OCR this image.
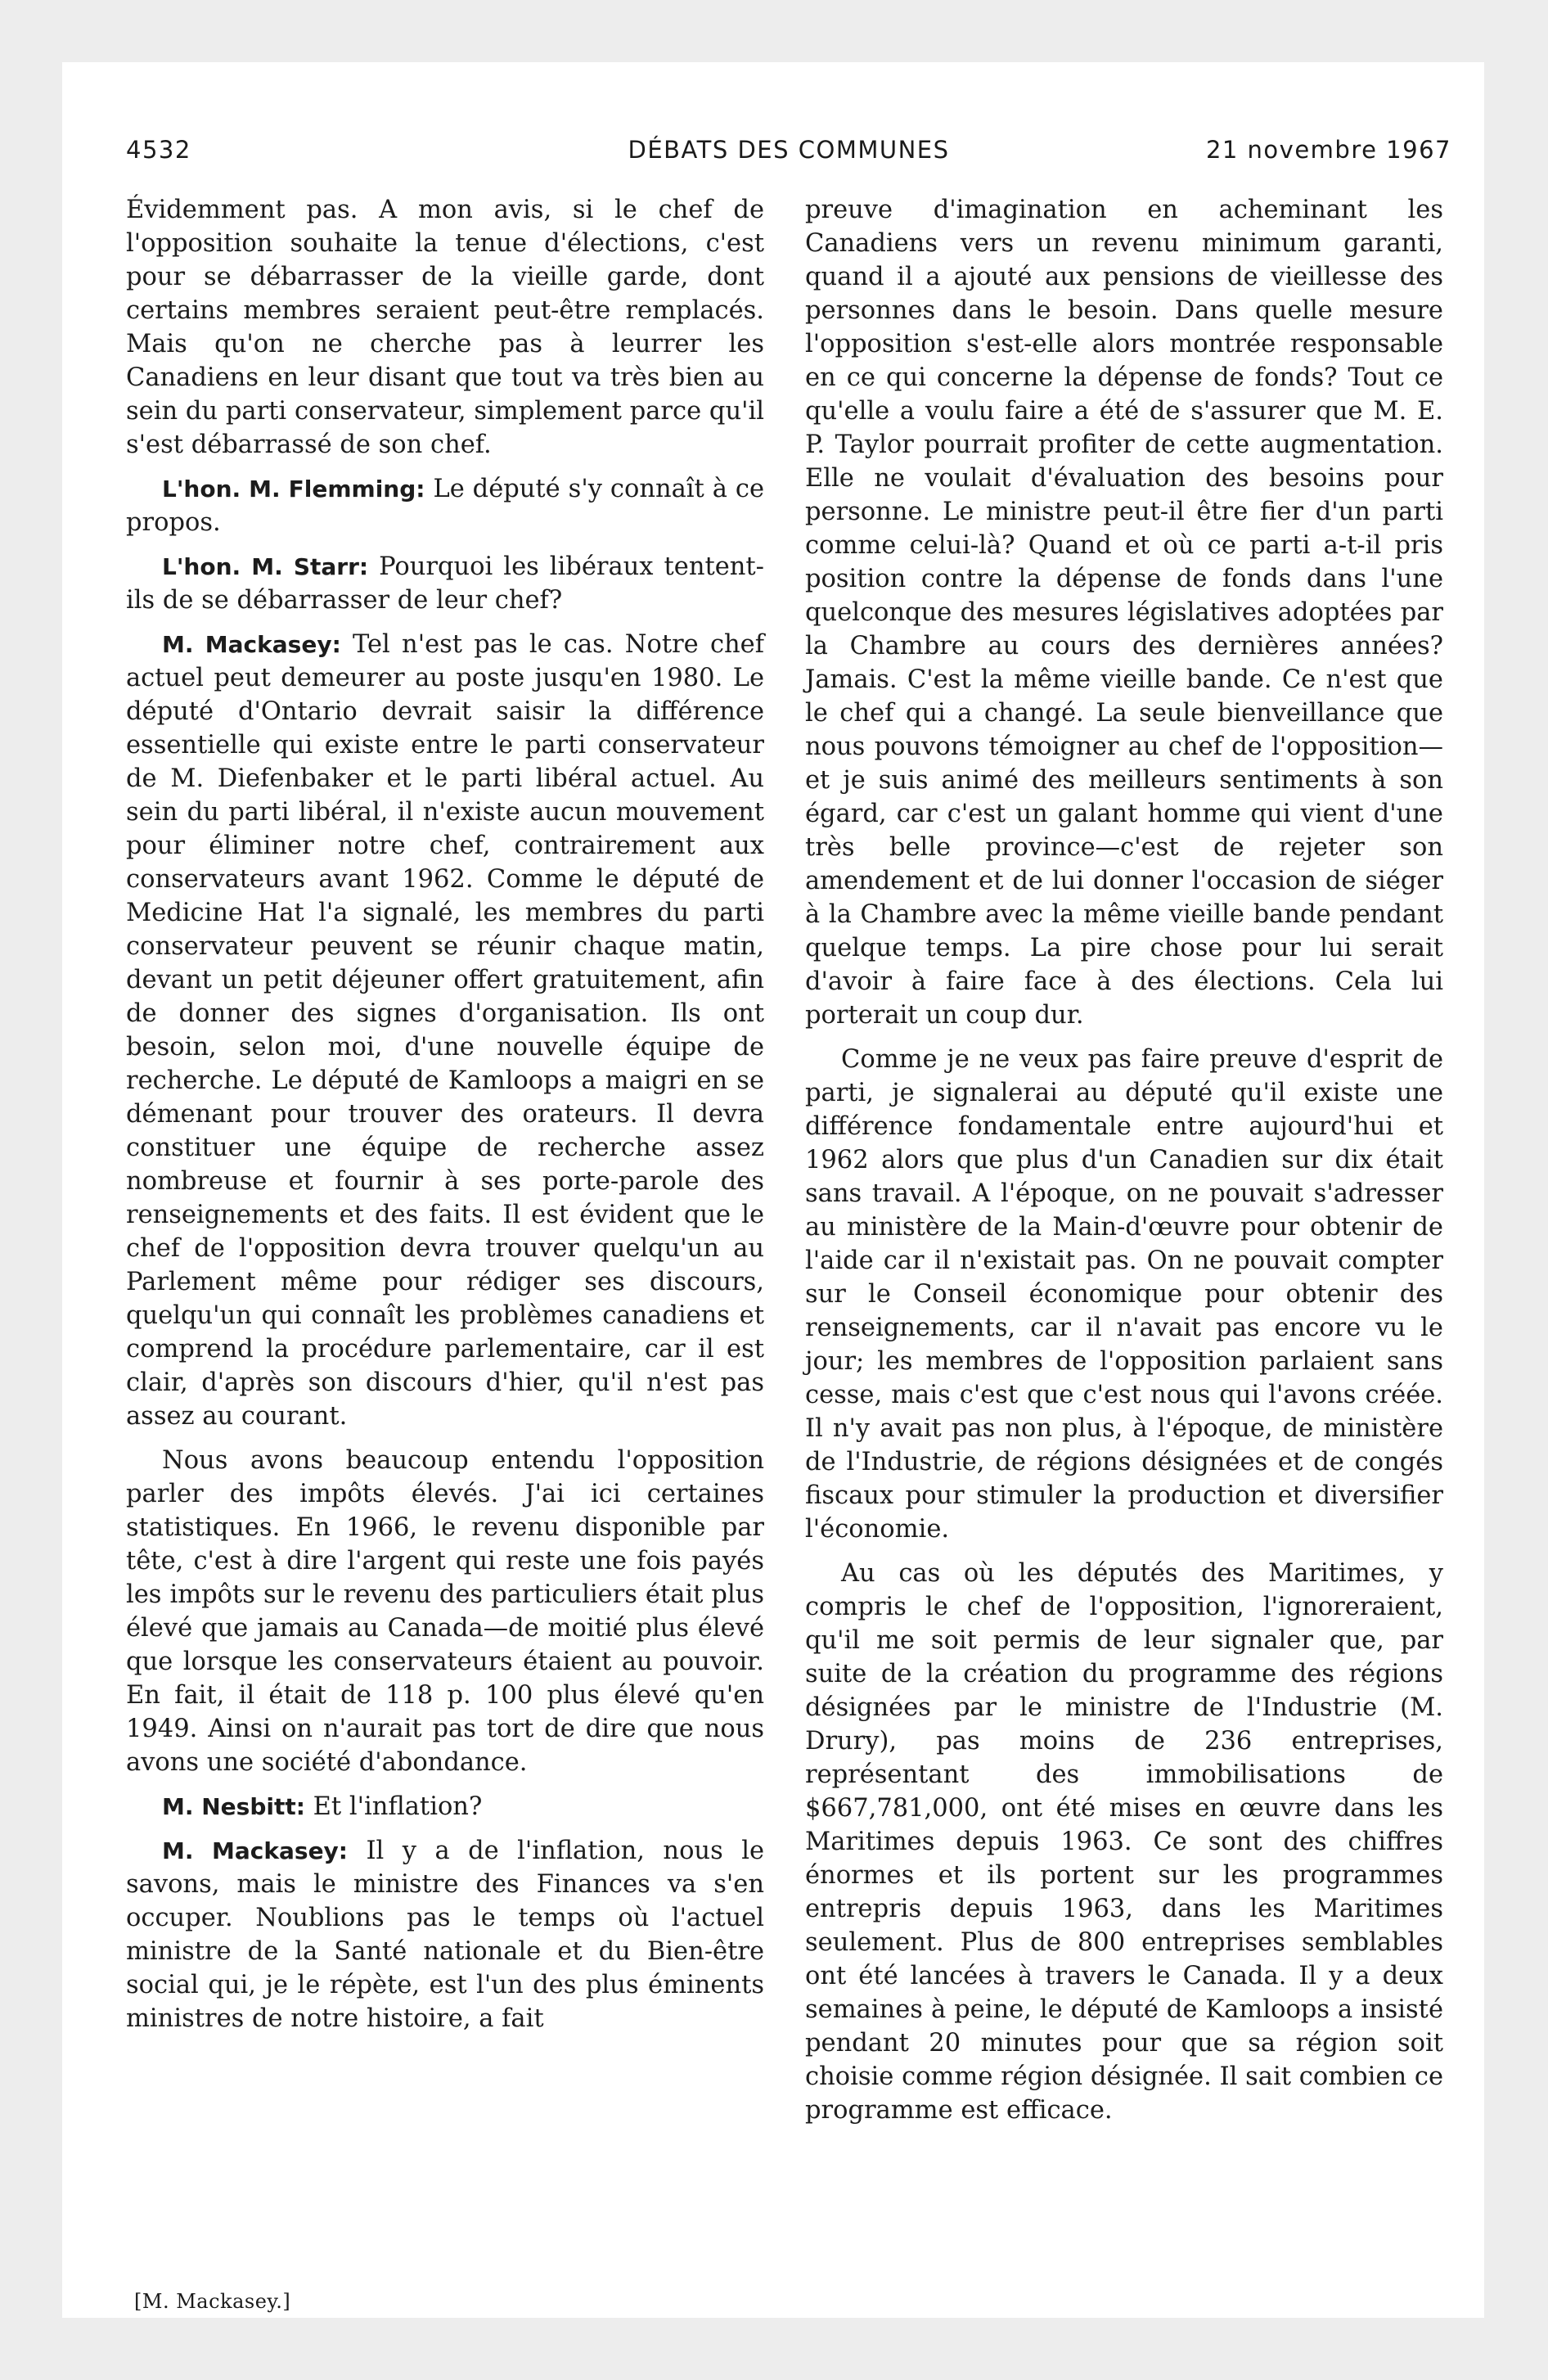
4532	DÉBATS DES COMMUNES	21 novembre 1967

Évidemment pas. A mon avis, si le chef de l'opposition souhaite la tenue d'élections, c'est pour se débarrasser de la vieille garde, dont certains membres seraient peut-être remplacés. Mais qu'on ne cherche pas à leurrer les Canadiens en leur disant que tout va très bien au sein du parti conservateur, simplement parce qu'il s'est débarrassé de son chef.

L'hon. M. Flemming: Le député s'y connaît à ce propos.

L'hon. M. Starr: Pourquoi les libéraux tentent-ils de se débarrasser de leur chef?

M. Mackasey: Tel n'est pas le cas. Notre chef actuel peut demeurer au poste jusqu'en 1980. Le député d'Ontario devrait saisir la différence essentielle qui existe entre le parti conservateur de M. Diefenbaker et le parti libéral actuel. Au sein du parti libéral, il n'existe aucun mouvement pour éliminer notre chef, contrairement aux conservateurs avant 1962. Comme le député de Medicine Hat l'a signalé, les membres du parti conservateur peuvent se réunir chaque matin, devant un petit déjeuner offert gratuitement, afin de donner des signes d'organisation. Ils ont besoin, selon moi, d'une nouvelle équipe de recherche. Le député de Kamloops a maigri en se démenant pour trouver des orateurs. Il devra constituer une équipe de recherche assez nombreuse et fournir à ses porte-parole des renseignements et des faits. Il est évident que le chef de l'opposition devra trouver quelqu'un au Parlement même pour rédiger ses discours, quelqu'un qui connaît les problèmes canadiens et comprend la procédure parlementaire, car il est clair, d'après son discours d'hier, qu'il n'est pas assez au courant.

Nous avons beaucoup entendu l'opposition parler des impôts élevés. J'ai ici certaines statistiques. En 1966, le revenu disponible par tête, c'est à dire l'argent qui reste une fois payés les impôts sur le revenu des particuliers était plus élevé que jamais au Canada—de moitié plus élevé que lorsque les conservateurs étaient au pouvoir. En fait, il était de 118 p. 100 plus élevé qu'en 1949. Ainsi on n'aurait pas tort de dire que nous avons une société d'abondance.

M. Nesbitt: Et l'inflation?

M. Mackasey: Il y a de l'inflation, nous le savons, mais le ministre des Finances va s'en occuper. Noublions pas le temps où l'actuel ministre de la Santé nationale et du Bien-être social qui, je le répète, est l'un des plus éminents ministres de notre histoire, a fait

preuve d'imagination en acheminant les Canadiens vers un revenu minimum garanti, quand il a ajouté aux pensions de vieillesse des personnes dans le besoin. Dans quelle mesure l'opposition s'est-elle alors montrée responsable en ce qui concerne la dépense de fonds? Tout ce qu'elle a voulu faire a été de s'assurer que M. E. P. Taylor pourrait profiter de cette augmentation. Elle ne voulait d'évaluation des besoins pour personne. Le ministre peut-il être fier d'un parti comme celui-là? Quand et où ce parti a-t-il pris position contre la dépense de fonds dans l'une quelconque des mesures législatives adoptées par la Chambre au cours des dernières années? Jamais. C'est la même vieille bande. Ce n'est que le chef qui a changé. La seule bienveillance que nous pouvons témoigner au chef de l'opposition—et je suis animé des meilleurs sentiments à son égard, car c'est un galant homme qui vient d'une très belle province—c'est de rejeter son amendement et de lui donner l'occasion de siéger à la Chambre avec la même vieille bande pendant quelque temps. La pire chose pour lui serait d'avoir à faire face à des élections. Cela lui porterait un coup dur.

Comme je ne veux pas faire preuve d'esprit de parti, je signalerai au député qu'il existe une différence fondamentale entre aujourd'hui et 1962 alors que plus d'un Canadien sur dix était sans travail. A l'époque, on ne pouvait s'adresser au ministère de la Main-d'œuvre pour obtenir de l'aide car il n'existait pas. On ne pouvait compter sur le Conseil économique pour obtenir des renseignements, car il n'avait pas encore vu le jour; les membres de l'opposition parlaient sans cesse, mais c'est que c'est nous qui l'avons créée. Il n'y avait pas non plus, à l'époque, de ministère de l'Industrie, de régions désignées et de congés fiscaux pour stimuler la production et diversifier l'économie.

Au cas où les députés des Maritimes, y compris le chef de l'opposition, l'ignoreraient, qu'il me soit permis de leur signaler que, par suite de la création du programme des régions désignées par le ministre de l'Industrie (M. Drury), pas moins de 236 entreprises, représentant des immobilisations de $667,781,000, ont été mises en œuvre dans les Maritimes depuis 1963. Ce sont des chiffres énormes et ils portent sur les programmes entrepris depuis 1963, dans les Maritimes seulement. Plus de 800 entreprises semblables ont été lancées à travers le Canada. Il y a deux semaines à peine, le député de Kamloops a insisté pendant 20 minutes pour que sa région soit choisie comme région désignée. Il sait combien ce programme est efficace.

[M. Mackasey.]
